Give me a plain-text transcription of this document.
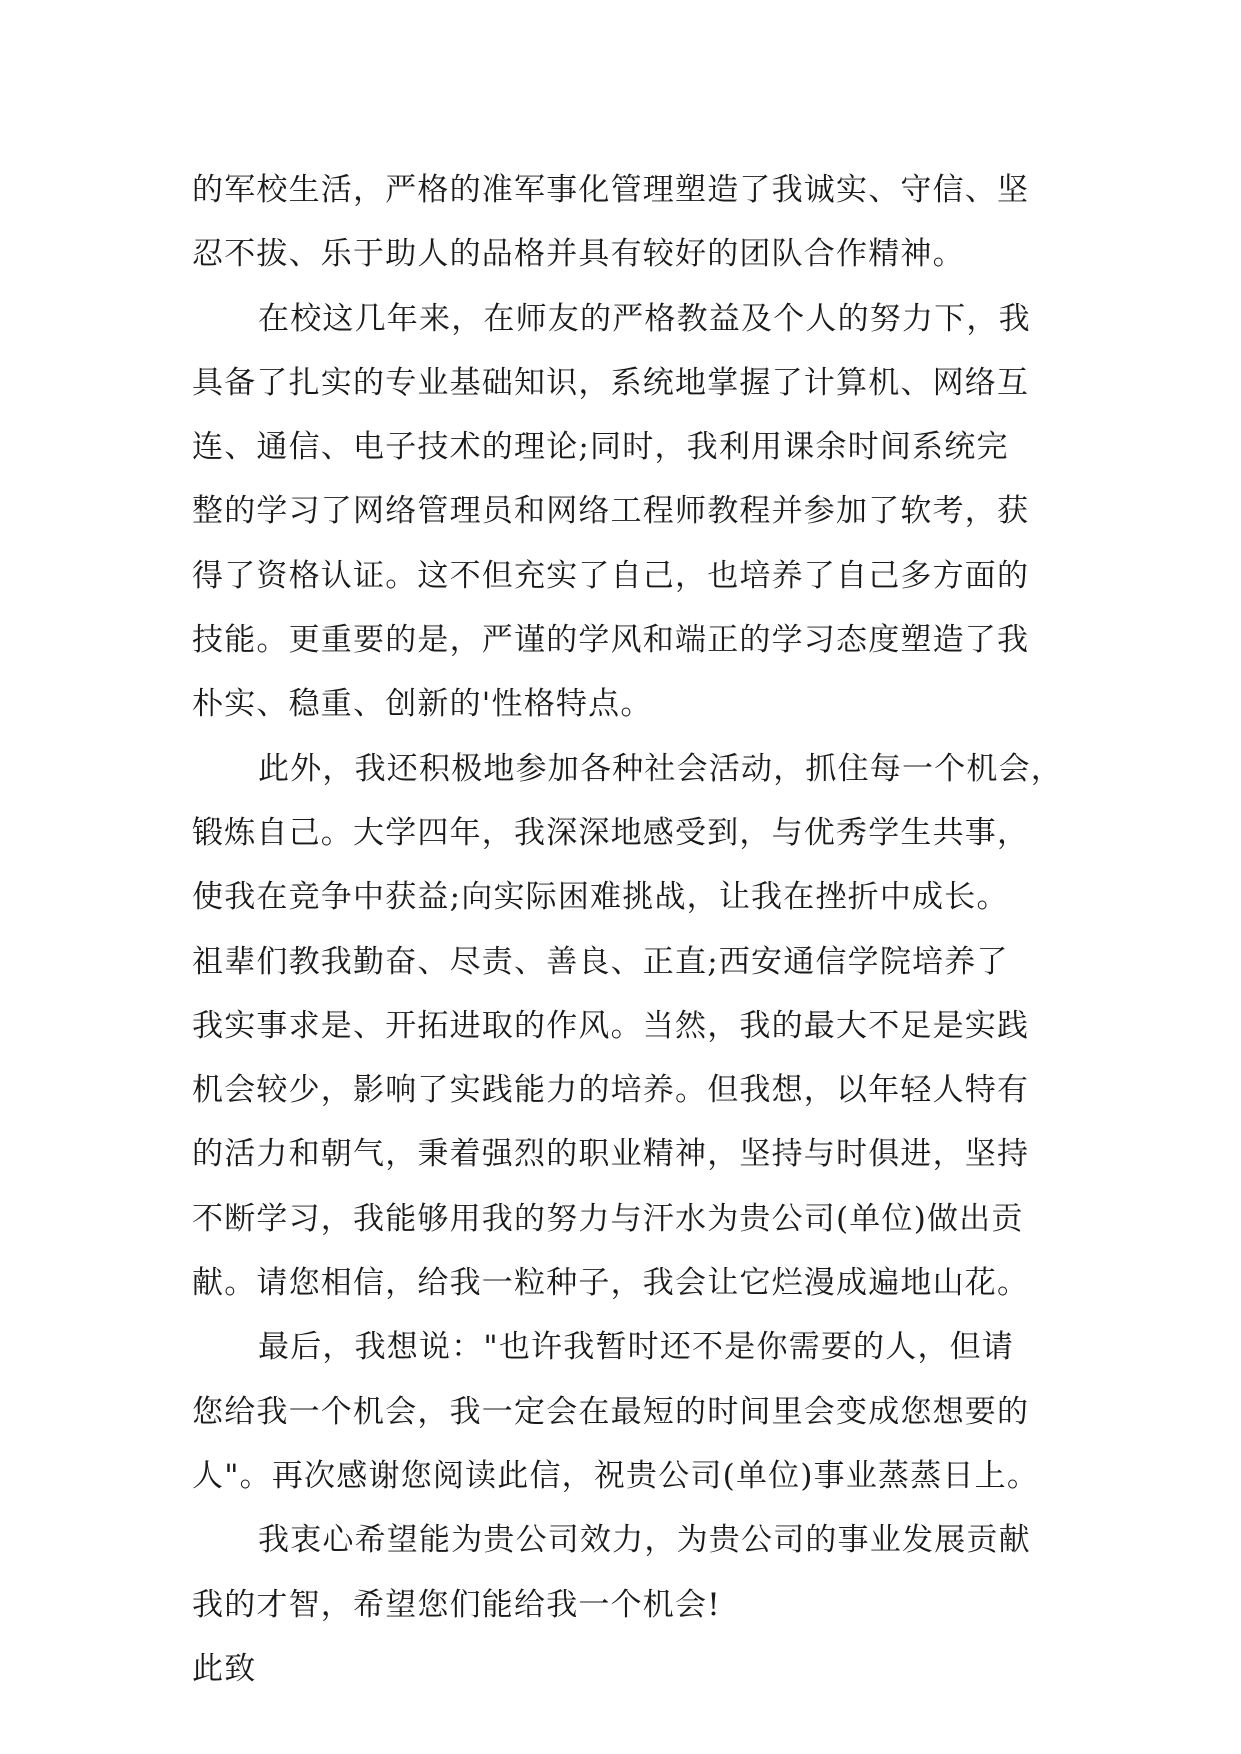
的军校生活，严格的准军事化管理塑造了我诚实、守信、坚
忍不拔、乐于助人的品格并具有较好的团队合作精神。
在校这几年来，在师友的严格教益及个人的努力下，我
具备了扎实的专业基础知识，系统地掌握了计算机、网络互
连、通信、电子技术的理论;同时，我利用课余时间系统完
整的学习了网络管理员和网络工程师教程并参加了软考，获
得了资格认证。这不但充实了自己，也培养了自己多方面的
技能。更重要的是，严谨的学风和端正的学习态度塑造了我
朴实、稳重、创新的'性格特点。
此外，我还积极地参加各种社会活动，抓住每一个机会，
锻炼自己。大学四年，我深深地感受到，与优秀学生共事，
使我在竞争中获益;向实际困难挑战，让我在挫折中成长。
祖辈们教我勤奋、尽责、善良、正直;西安通信学院培养了
我实事求是、开拓进取的作风。当然，我的最大不足是实践
机会较少，影响了实践能力的培养。但我想，以年轻人特有
的活力和朝气，秉着强烈的职业精神，坚持与时俱进，坚持
不断学习，我能够用我的努力与汗水为贵公司(单位)做出贡
献。请您相信，给我一粒种子，我会让它烂漫成遍地山花。
最后，我想说："也许我暂时还不是你需要的人，但请
您给我一个机会，我一定会在最短的时间里会变成您想要的
人"。再次感谢您阅读此信，祝贵公司(单位)事业蒸蒸日上。
我衷心希望能为贵公司效力，为贵公司的事业发展贡献
我的才智，希望您们能给我一个机会!
此致
